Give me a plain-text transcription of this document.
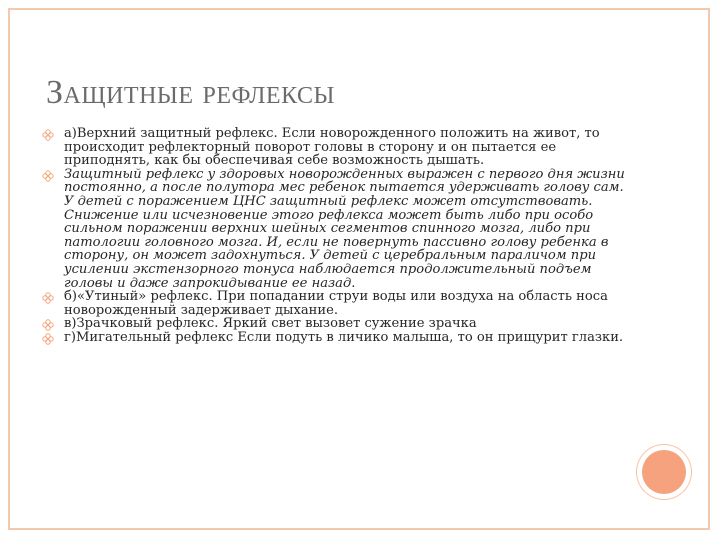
Защитные рефлексы
а)Верхний защитный рефлекс. Если новорожденного положить на живот, то происходит рефлекторный поворот головы в сторону и он пытается ее приподнять, как бы обеспечивая себе возможность дышать.
Защитный рефлекс у здоровых новорожденных выражен с первого дня жизни постоянно, а после полутора мес ребенок пытается удерживать голову сам. У детей с поражением ЦНС защитный рефлекс может отсутствовать. Снижение или исчезновение этого рефлекса может быть либо при особо сильном поражении верхних шейных сегментов спинного мозга, либо при патологии головного мозга. И, если не повернуть пассивно голову ребенка в сторону, он может задохнуться. У детей с церебральным параличом при усилении экстензорного тонуса наблюдается продолжительный подъем головы и даже запрокидывание ее назад.
б)«Утиный» рефлекс. При попадании струи воды или воздуха на область носа новорожденный задерживает дыхание.
в)Зрачковый рефлекс. Яркий свет вызовет сужение зрачка
г)Мигательный рефлекс Если подуть в личико малыша, то он прищурит глазки.
